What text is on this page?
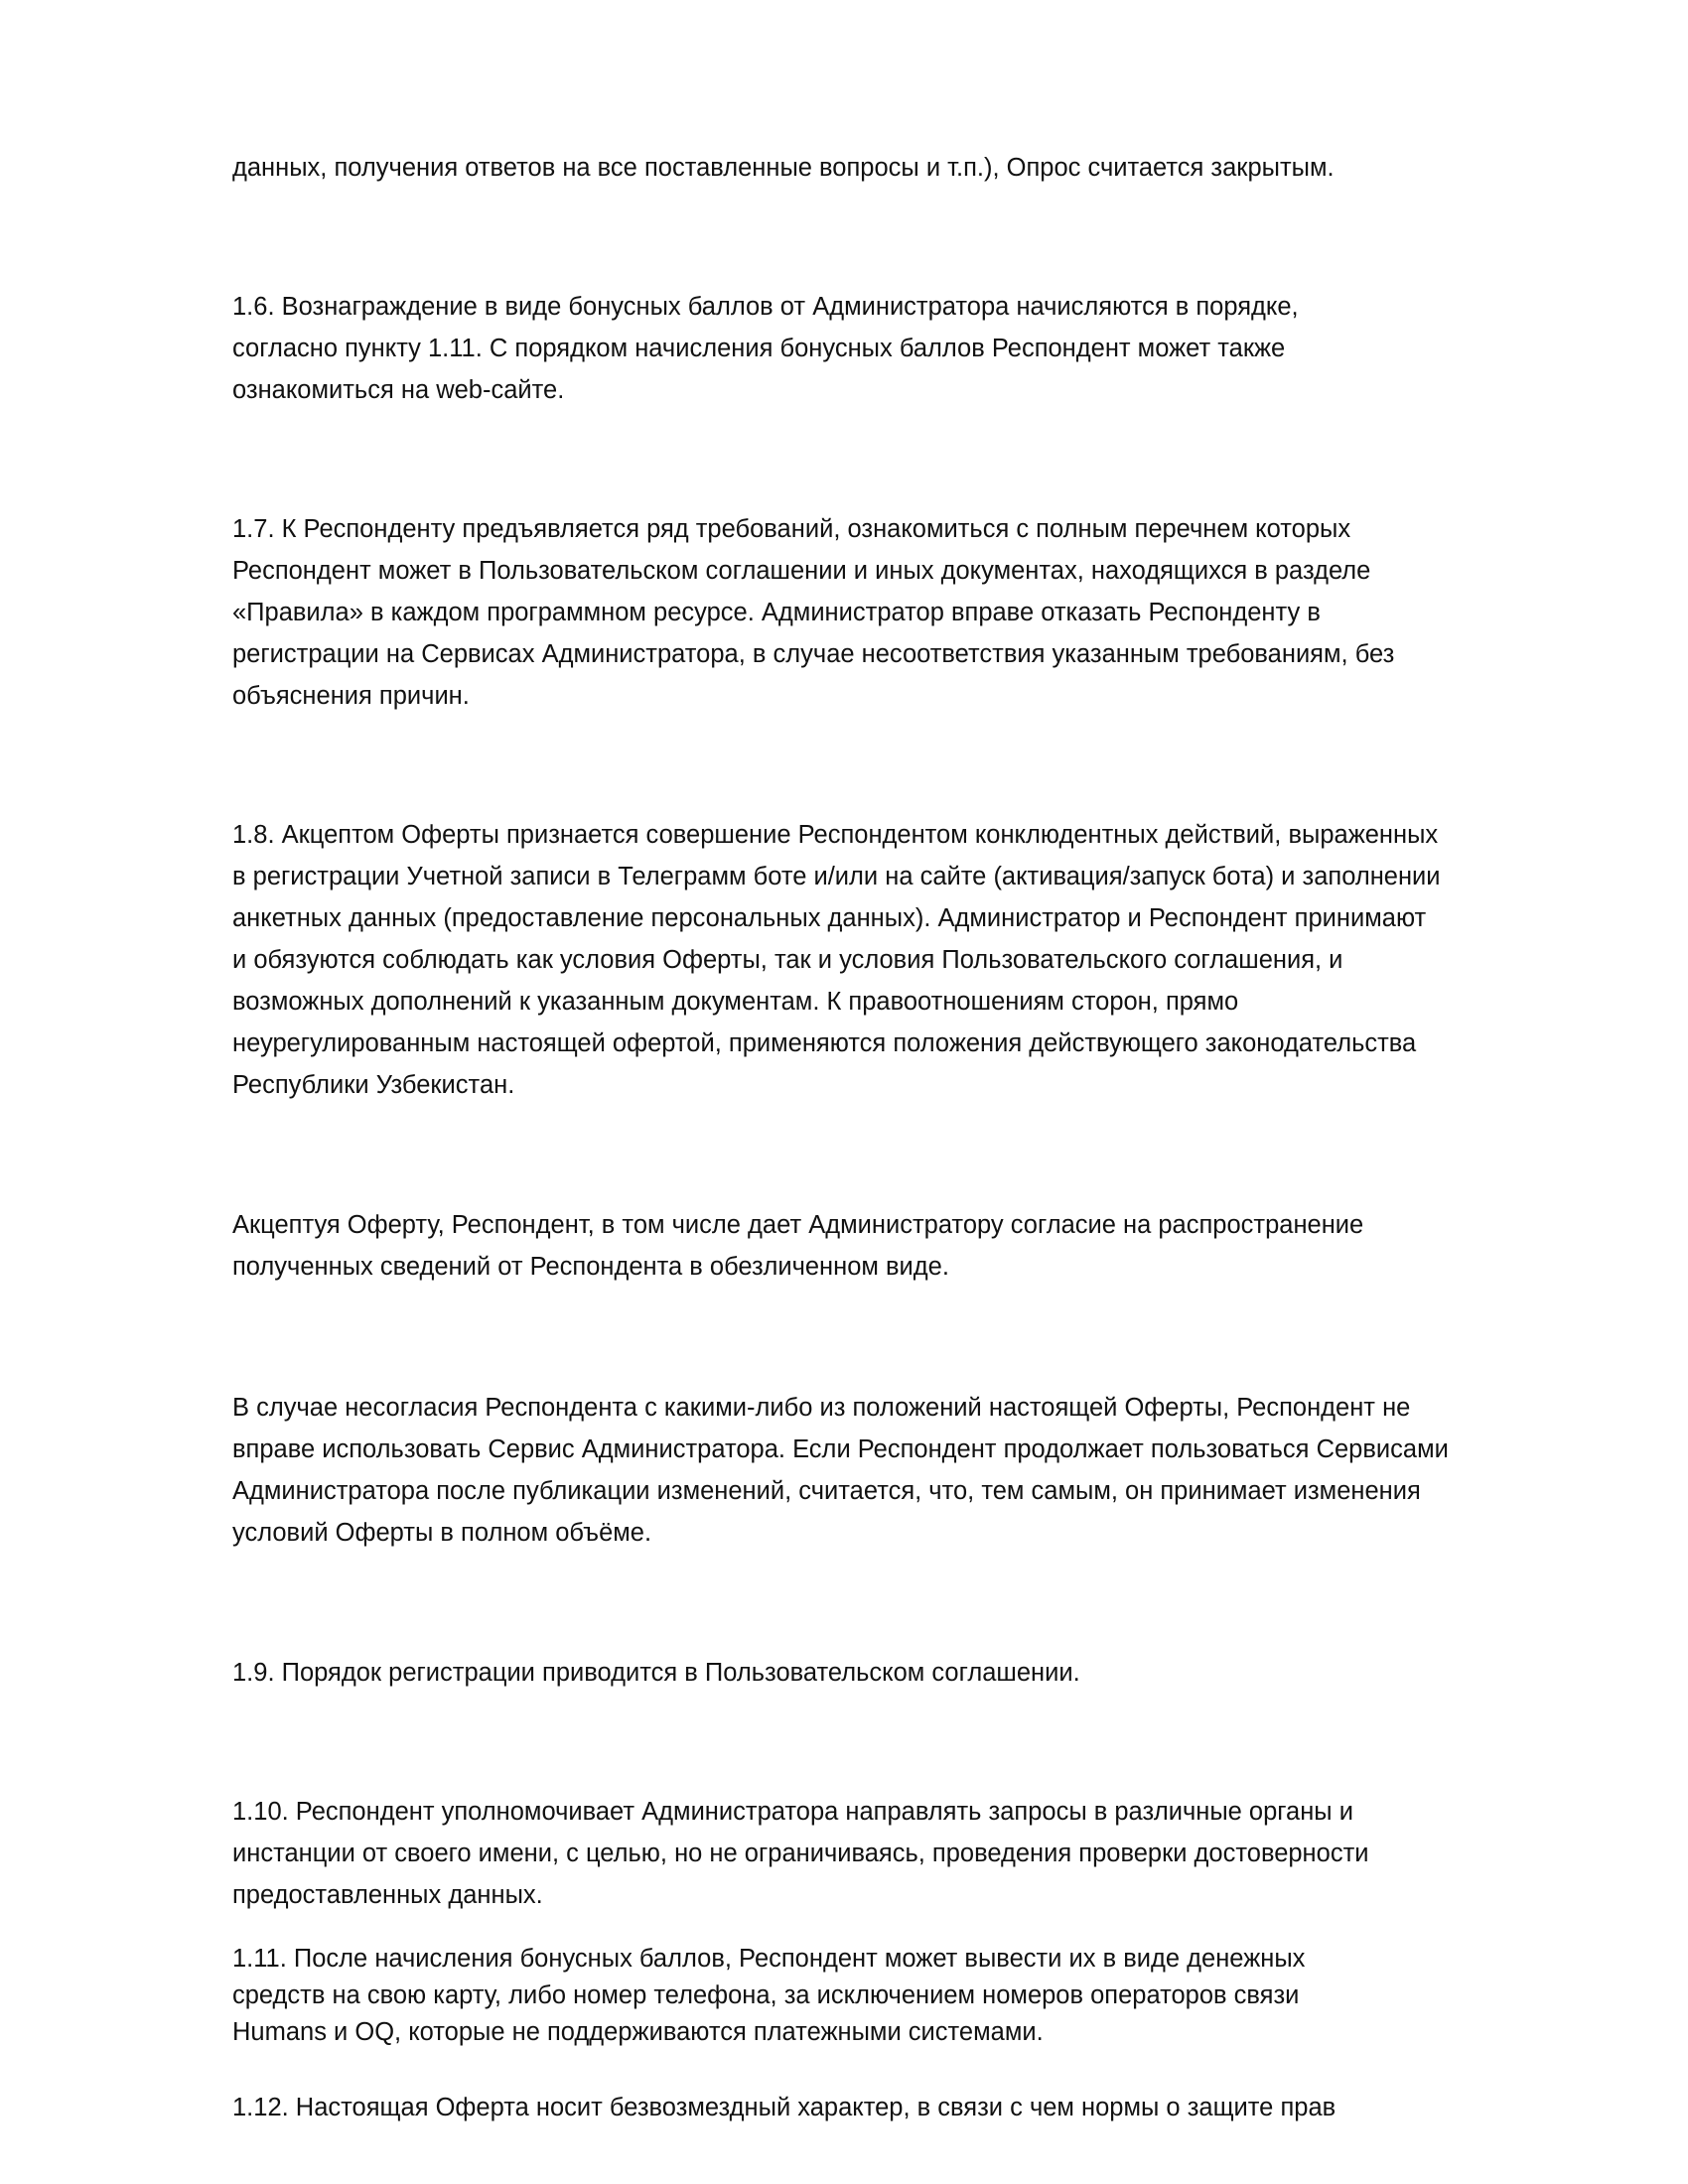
данных, получения ответов на все поставленные вопросы и т.п.), Опрос считается закрытым.

1.6. Вознаграждение в виде бонусных баллов от Администратора начисляются в порядке,
согласно пункту 1.11. С порядком начисления бонусных баллов Респондент может также
ознакомиться на web-сайте.

1.7. К Респонденту предъявляется ряд требований, ознакомиться с полным перечнем которых
Респондент может в Пользовательском соглашении и иных документах, находящихся в разделе
«Правила» в каждом программном ресурсе. Администратор вправе отказать Респонденту в
регистрации на Сервисах Администратора, в случае несоответствия указанным требованиям, без
объяснения причин.

1.8. Акцептом Оферты признается совершение Респондентом конклюдентных действий, выраженных
в регистрации Учетной записи в Телеграмм боте и/или на сайте (активация/запуск бота) и заполнении
анкетных данных (предоставление персональных данных). Администратор и Респондент принимают
и обязуются соблюдать как условия Оферты, так и условия Пользовательского соглашения, и
возможных дополнений к указанным документам. К правоотношениям сторон, прямо
неурегулированным настоящей офертой, применяются положения действующего законодательства
Республики Узбекистан.

Акцептуя Оферту, Респондент, в том числе дает Администратору согласие на распространение
полученных сведений от Респондента в обезличенном виде.

В случае несогласия Респондента с какими-либо из положений настоящей Оферты, Респондент не
вправе использовать Сервис Администратора. Если Респондент продолжает пользоваться Сервисами
Администратора после публикации изменений, считается, что, тем самым, он принимает изменения
условий Оферты в полном объёме.

1.9. Порядок регистрации приводится в Пользовательском соглашении.

1.10. Респондент уполномочивает Администратора направлять запросы в различные органы и
инстанции от своего имени, с целью, но не ограничиваясь, проведения проверки достоверности
предоставленных данных.

1.11. После начисления бонусных баллов, Респондент может вывести их в виде денежных
средств на свою карту, либо номер телефона, за исключением номеров операторов связи
Humans и OQ, которые не поддерживаются платежными системами.

1.12. Настоящая Оферта носит безвозмездный характер, в связи с чем нормы о защите прав
